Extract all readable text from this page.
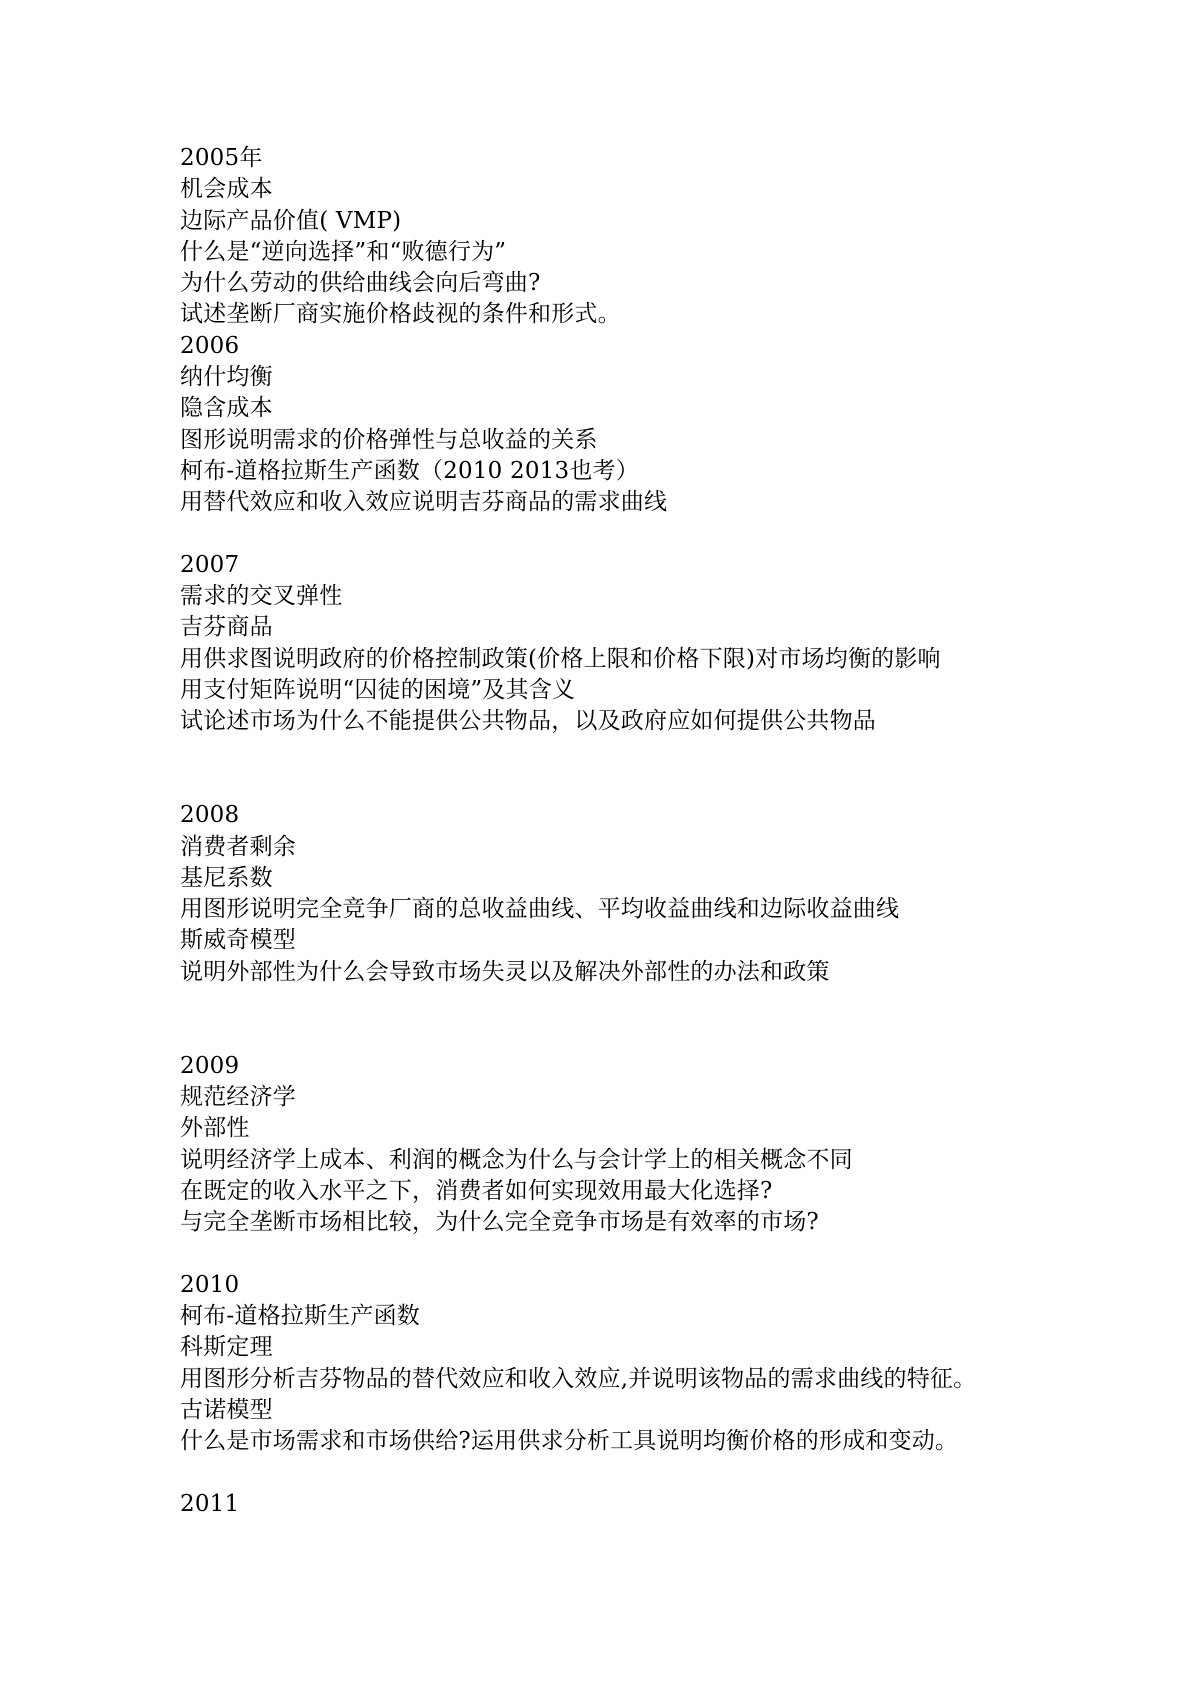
2005年
机会成本
边际产品价值( VMP)
什么是“逆向选择”和“败德行为”
为什么劳动的供给曲线会向后弯曲?
试述垄断厂商实施价格歧视的条件和形式。
2006
纳什均衡
隐含成本
图形说明需求的价格弹性与总收益的关系
柯布-道格拉斯生产函数（2010 2013也考）
用替代效应和收入效应说明吉芬商品的需求曲线
2007
需求的交叉弹性
吉芬商品
用供求图说明政府的价格控制政策(价格上限和价格下限)对市场均衡的影响
用支付矩阵说明“囚徒的困境”及其含义
试论述市场为什么不能提供公共物品，以及政府应如何提供公共物品
2008
消费者剩余
基尼系数
用图形说明完全竞争厂商的总收益曲线、平均收益曲线和边际收益曲线
斯威奇模型
说明外部性为什么会导致市场失灵以及解决外部性的办法和政策
2009
规范经济学
外部性
说明经济学上成本、利润的概念为什么与会计学上的相关概念不同
在既定的收入水平之下，消费者如何实现效用最大化选择?
与完全垄断市场相比较，为什么完全竞争市场是有效率的市场?
2010
柯布-道格拉斯生产函数
科斯定理
用图形分析吉芬物品的替代效应和收入效应,并说明该物品的需求曲线的特征。
古诺模型
什么是市场需求和市场供给?运用供求分析工具说明均衡价格的形成和变动。
2011
